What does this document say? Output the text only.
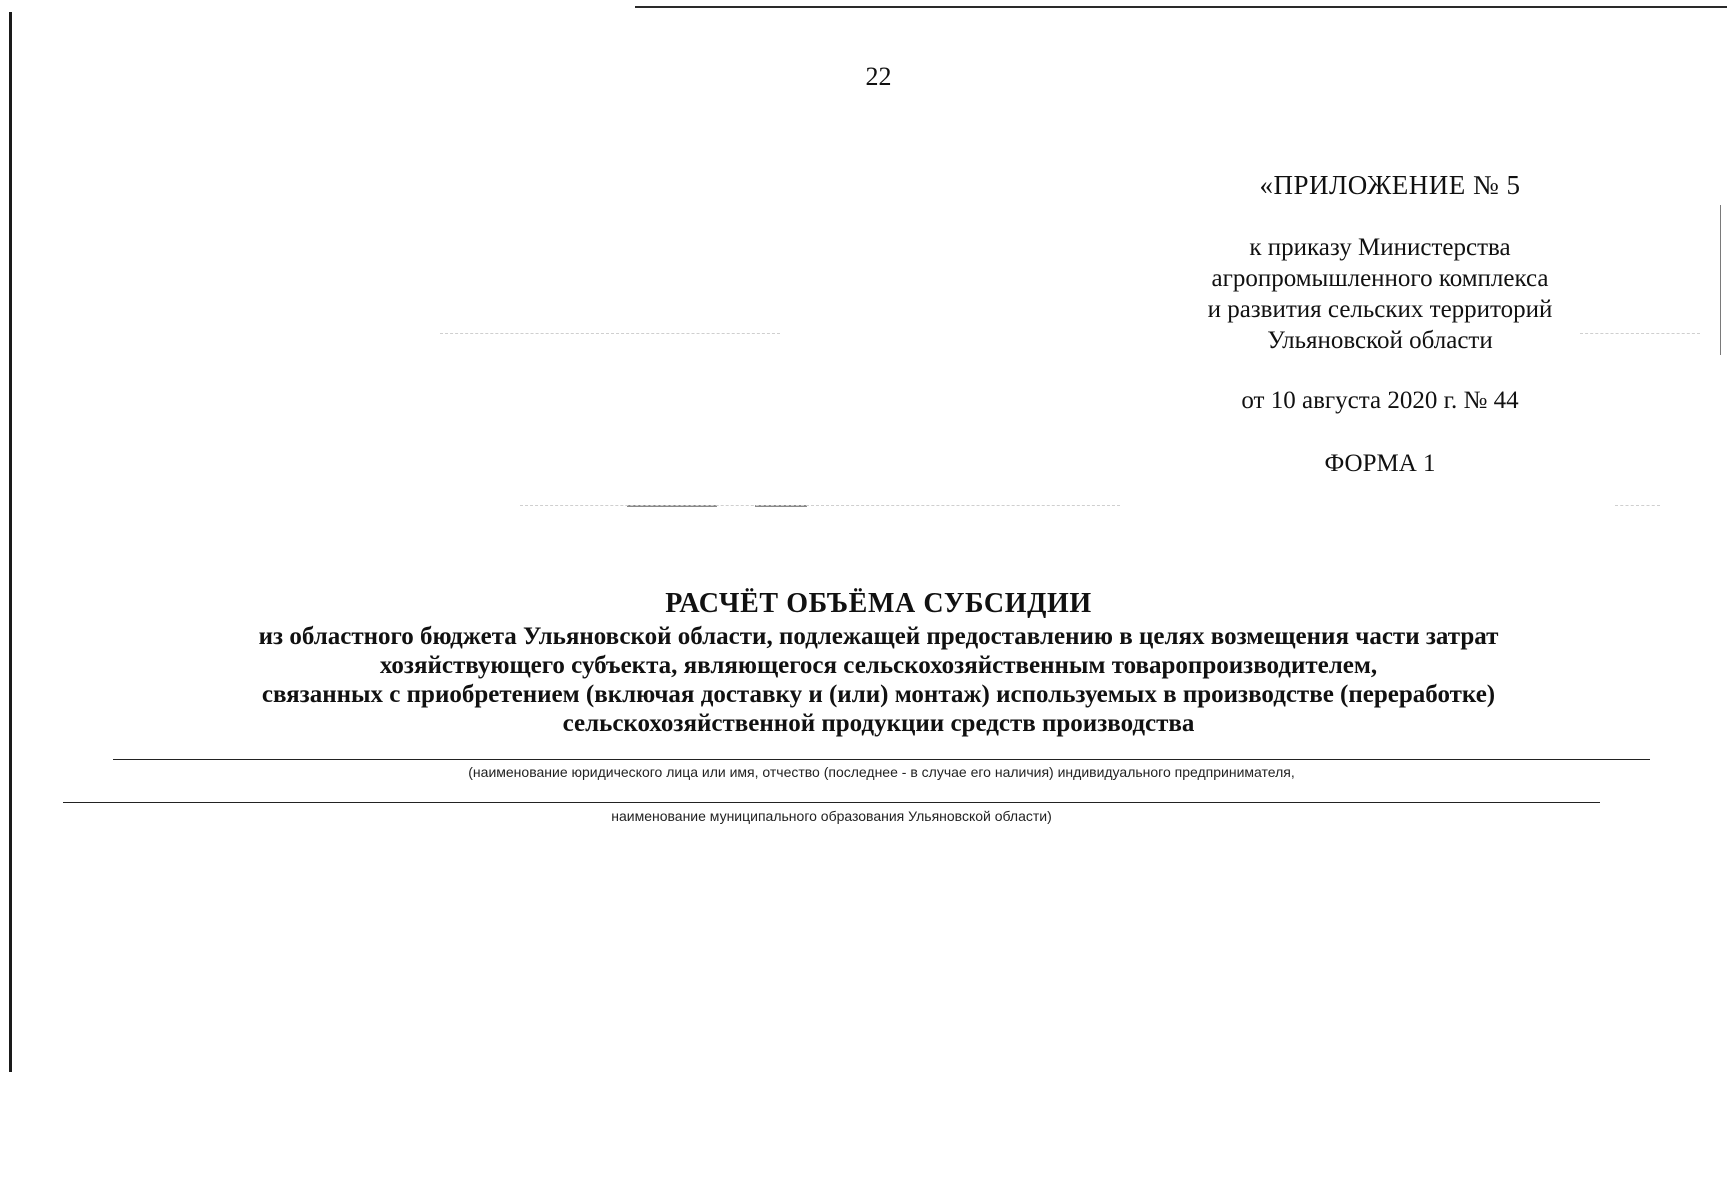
22
«ПРИЛОЖЕНИЕ № 5
к приказу Министерства
агропромышленного комплекса
и развития сельских территорий
Ульяновской области
от 10 августа 2020 г. № 44
ФОРМА 1
РАСЧЁТ ОБЪЁМА СУБСИДИИ
из областного бюджета Ульяновской области, подлежащей предоставлению в целях возмещения части затрат
хозяйствующего субъекта, являющегося сельскохозяйственным товаропроизводителем,
связанных с приобретением (включая доставку и (или) монтаж) используемых в производстве (переработке)
сельскохозяйственной продукции средств производства
(наименование юридического лица или имя, отчество (последнее - в случае его наличия) индивидуального предпринимателя,
наименование муниципального образования Ульяновской области)
